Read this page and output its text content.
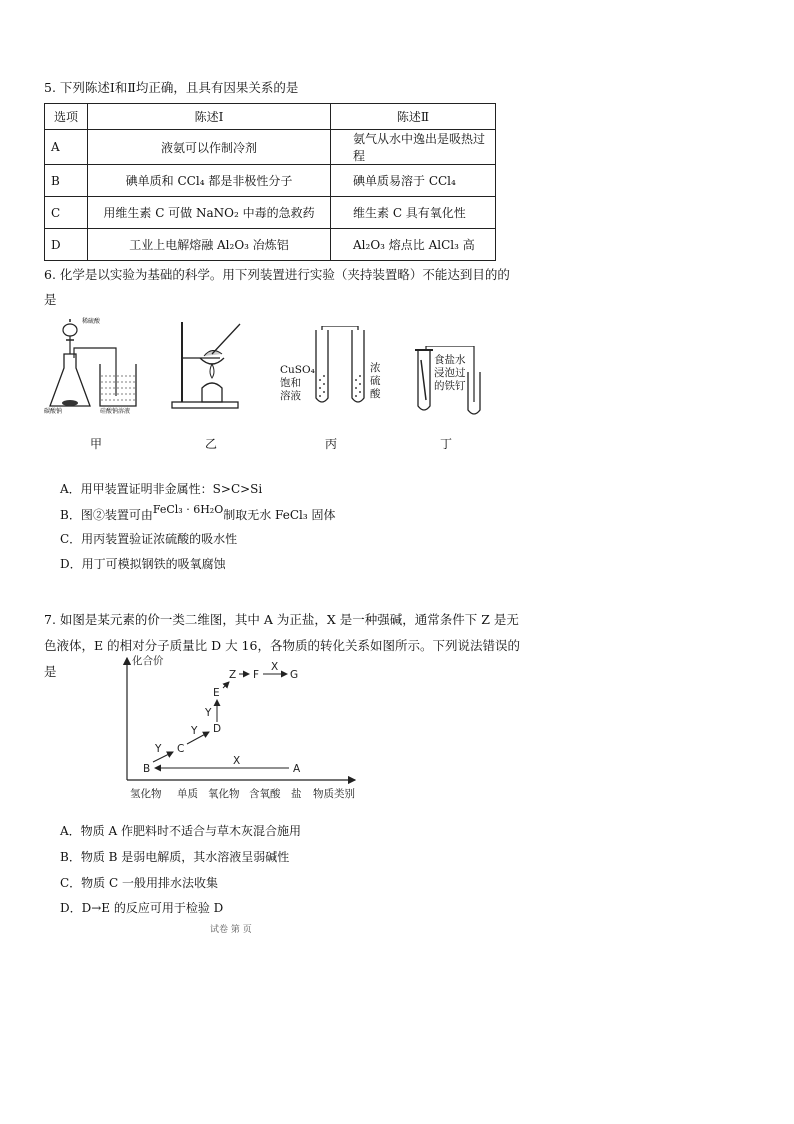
5. 下列陈述Ⅰ和Ⅱ均正确，且具有因果关系的是
选项	陈述Ⅰ	陈述Ⅱ
A	液氨可以作制冷剂	氨气从水中逸出是吸热过程
B	碘单质和 CCl₄ 都是非极性分子	碘单质易溶于 CCl₄
C	用维生素 C 可做 NaNO₂ 中毒的急救药	维生素 C 具有氧化性
D	工业上电解熔融 Al₂O₃ 冶炼铝	Al₂O₃ 熔点比 AlCl₃ 高
6. 化学是以实验为基础的科学。用下列装置进行实验（夹持装置略）不能达到目的的
是
稀硫酸
碳酸钠	硅酸钠溶液
甲	乙
CuSO₄
饱和
溶液
浓
硫
酸
丙
食盐水
浸泡过
的铁钉
丁
A．用甲装置证明非金属性：S>C>Si
B．图②装置可由FeCl₃ · 6H₂O制取无水 FeCl₃ 固体
C．用丙装置验证浓硫酸的吸水性
D．用丁可模拟钢铁的吸氧腐蚀
7. 如图是某元素的价一类二维图，其中 A 为正盐，X 是一种强碱，通常条件下 Z 是无
色液体，E 的相对分子质量比 D 大 16，各物质的转化关系如图所示。下列说法错误的
是
化合价
B
C
D
E
F	G
A
X
Y
Y
Y
Z
X
氢化物 单质 氧化物 含氧酸 盐 物质类别
A．物质 A 作肥料时不适合与草木灰混合施用
B．物质 B 是弱电解质，其水溶液呈弱碱性
C．物质 C 一般用排水法收集
D．D→E 的反应可用于检验 D
试卷 第 页
